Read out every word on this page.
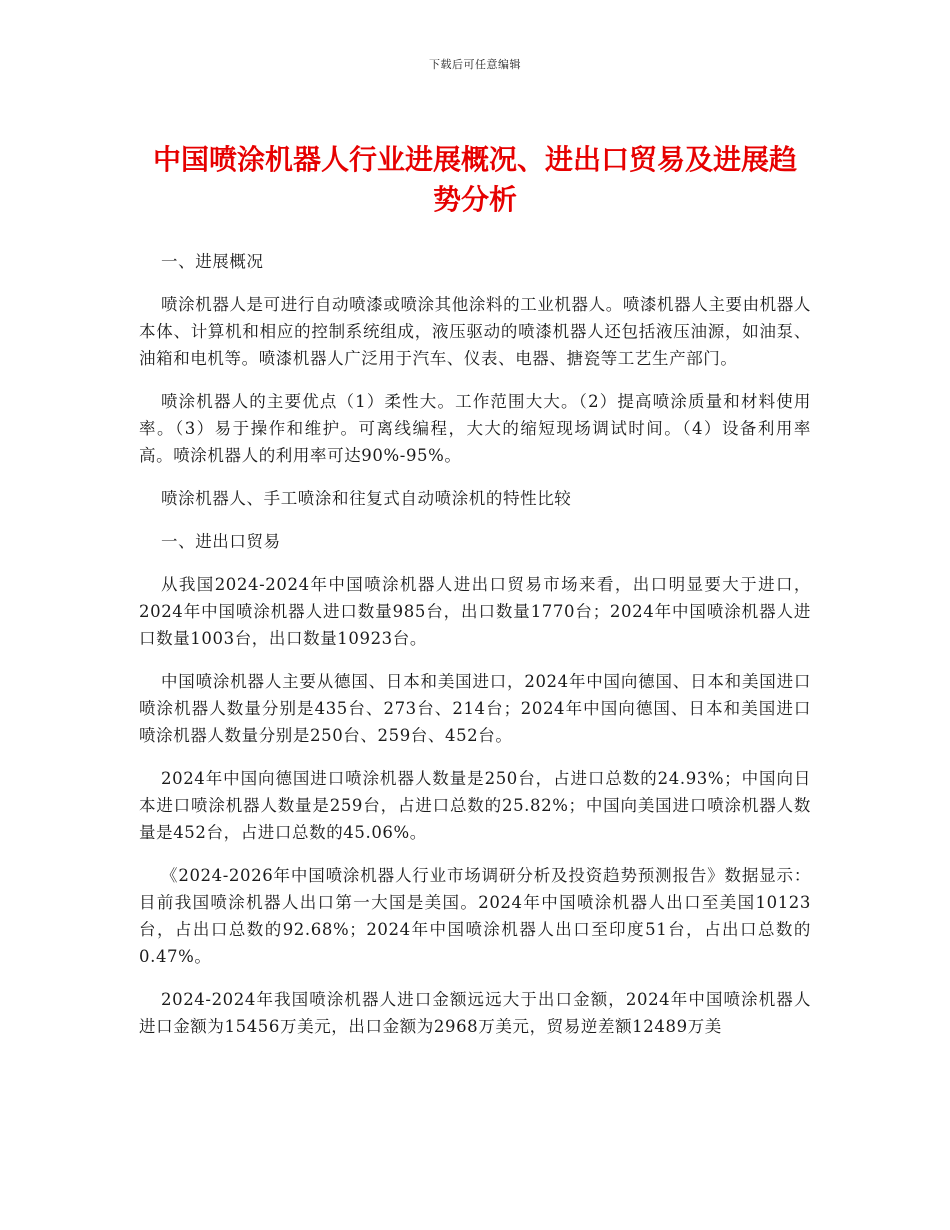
下载后可任意编辑
中国喷涂机器人行业进展概况、进出口贸易及进展趋势分析

一、进展概况

喷涂机器人是可进行自动喷漆或喷涂其他涂料的工业机器人。喷漆机器人主要由机器人本体、计算机和相应的控制系统组成，液压驱动的喷漆机器人还包括液压油源，如油泵、油箱和电机等。喷漆机器人广泛用于汽车、仪表、电器、搪瓷等工艺生产部门。

喷涂机器人的主要优点（1）柔性大。工作范围大大。（2）提高喷涂质量和材料使用率。（3）易于操作和维护。可离线编程，大大的缩短现场调试时间。（4）设备利用率高。喷涂机器人的利用率可达90%-95%。

喷涂机器人、手工喷涂和往复式自动喷涂机的特性比较

一、进出口贸易

从我国2024-2024年中国喷涂机器人进出口贸易市场来看，出口明显要大于进口，2024年中国喷涂机器人进口数量985台，出口数量1770台；2024年中国喷涂机器人进口数量1003台，出口数量10923台。

中国喷涂机器人主要从德国、日本和美国进口，2024年中国向德国、日本和美国进口喷涂机器人数量分别是435台、273台、214台；2024年中国向德国、日本和美国进口喷涂机器人数量分别是250台、259台、452台。

2024年中国向德国进口喷涂机器人数量是250台，占进口总数的24.93%；中国向日本进口喷涂机器人数量是259台，占进口总数的25.82%；中国向美国进口喷涂机器人数量是452台，占进口总数的45.06%。

《2024-2026年中国喷涂机器人行业市场调研分析及投资趋势预测报告》数据显示：目前我国喷涂机器人出口第一大国是美国。2024年中国喷涂机器人出口至美国10123台，占出口总数的92.68%；2024年中国喷涂机器人出口至印度51台，占出口总数的0.47%。

2024-2024年我国喷涂机器人进口金额远远大于出口金额，2024年中国喷涂机器人进口金额为15456万美元，出口金额为2968万美元，贸易逆差额12489万美
